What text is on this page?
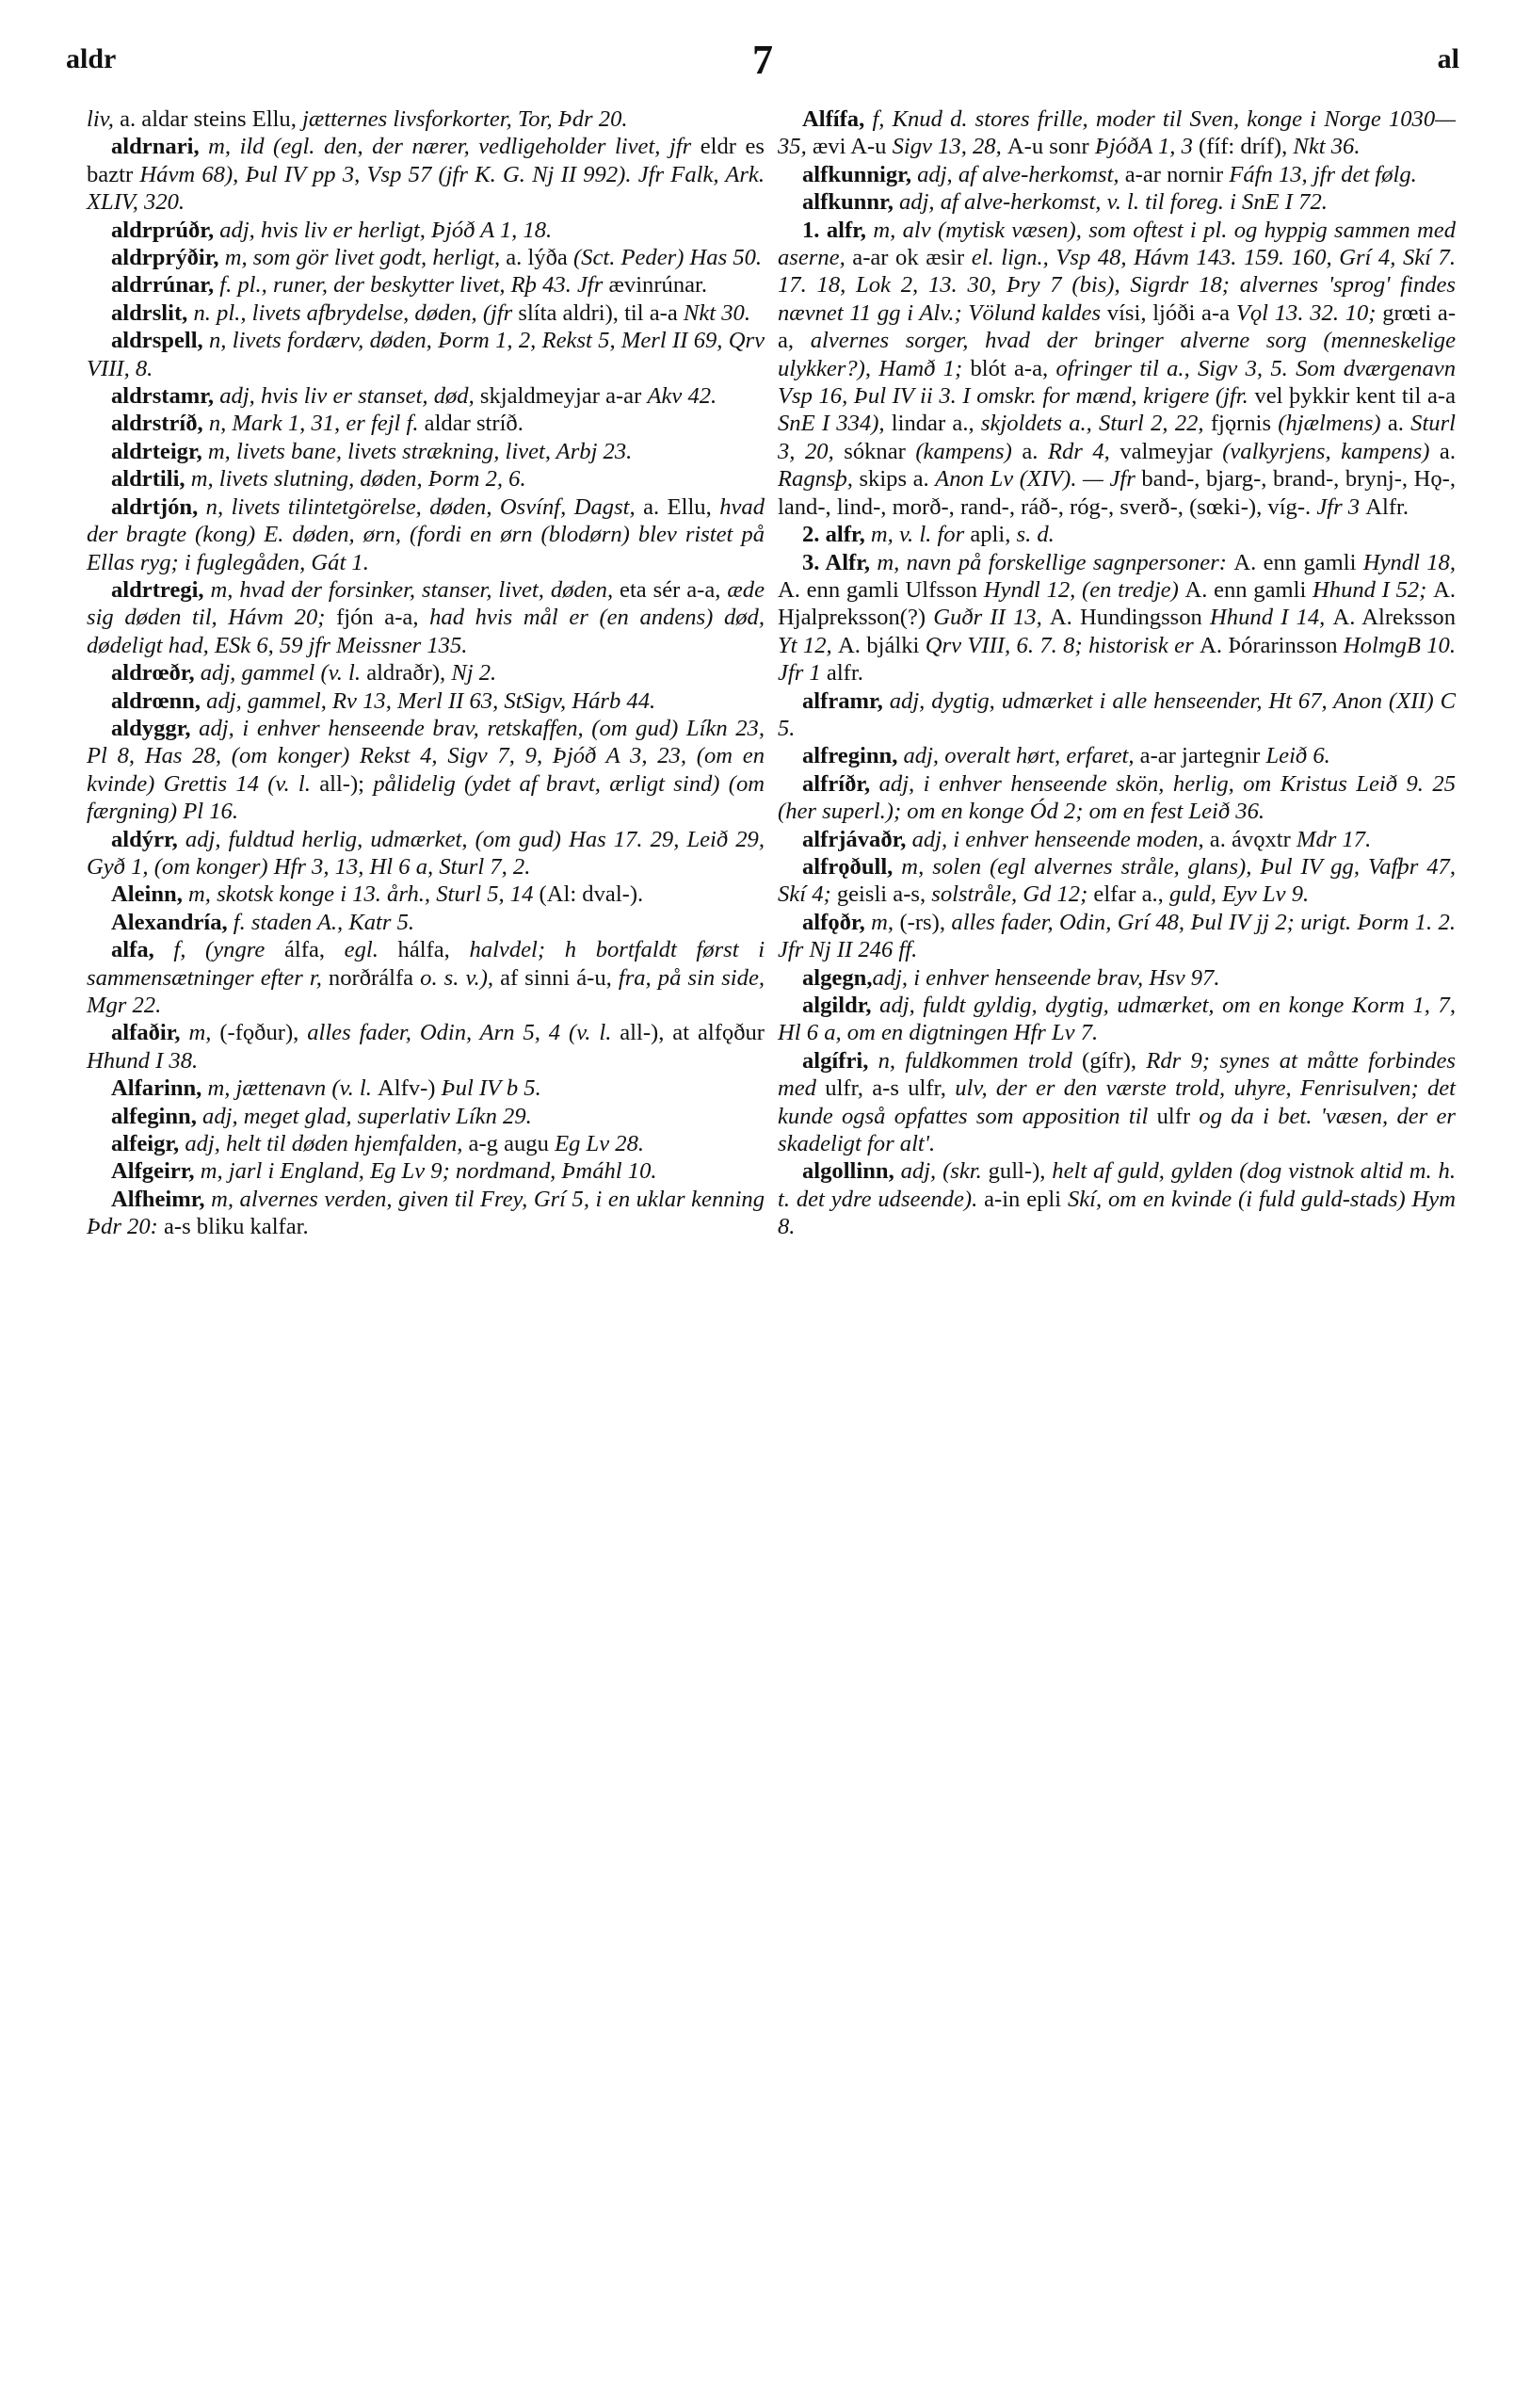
aldr	7	al

liv, a. aldar steins Ellu, jætternes livsforkorter, Tor, Þdr 20.

aldrnari, m, ild (egl. den, der nærer, vedligeholder livet, jfr eldr es baztr Hávm 68), Þul IV pp 3, Vsp 57 (jfr K. G. Nj II 992). Jfr Falk, Ark. XLIV, 320.

aldrprúðr, adj, hvis liv er herligt, Þjóð A 1, 18.

aldrprýðir, m, som gör livet godt, herligt, a. lýða (Sct. Peder) Has 50.

aldrrúnar, f. pl., runer, der beskytter livet, Rþ 43. Jfr ævinrúnar.

aldrslit, n. pl., livets afbrydelse, døden, (jfr slíta aldri), til a-a Nkt 30.

aldrspell, n, livets fordærv, døden, Þorm 1, 2, Rekst 5, Merl II 69, Qrv VIII, 8.

aldrstamr, adj, hvis liv er stanset, død, skjaldmeyjar a-ar Akv 42.

aldrstríð, n, Mark 1, 31, er fejl f. aldar stríð.

aldrteigr, m, livets bane, livets strækning, livet, Arbj 23.

aldrtili, m, livets slutning, døden, Þorm 2, 6.

aldrtjón, n, livets tilintetgörelse, døden, Osvínf, Dagst, a. Ellu, hvad der bragte (kong) E. døden, ørn, (fordi en ørn (blodørn) blev ristet på Ellas ryg; i fuglegåden, Gát 1.

aldrtregi, m, hvad der forsinker, stanser, livet, døden, eta sér a-a, æde sig døden til, Hávm 20; fjón a-a, had hvis mål er (en andens) død, dødeligt had, ESk 6, 59 jfr Meissner 135.

aldrœðr, adj, gammel (v. l. aldraðr), Nj 2.

aldrœnn, adj, gammel, Rv 13, Merl II 63, StSigv, Hárb 44.

aldyggr, adj, i enhver henseende brav, retskaffen, (om gud) Líkn 23, Pl 8, Has 28, (om konger) Rekst 4, Sigv 7, 9, Þjóð A 3, 23, (om en kvinde) Grettis 14 (v. l. all-); pålidelig (ydet af bravt, ærligt sind) (om færgning) Pl 16.

aldýrr, adj, fuldtud herlig, udmærket, (om gud) Has 17. 29, Leið 29, Gyð 1, (om konger) Hfr 3, 13, Hl 6 a, Sturl 7, 2.

Aleinn, m, skotsk konge i 13. årh., Sturl 5, 14 (Al: dval-).

Alexandría, f. staden A., Katr 5.

alfa, f, (yngre álfa, egl. hálfa, halvdel; h bortfaldt først i sammensætninger efter r, norðrálfa o. s. v.), af sinni á-u, fra, på sin side, Mgr 22.

alfaðir, m, (-fǫður), alles fader, Odin, Arn 5, 4 (v. l. all-), at alfǫður Hhund I 38.

Alfarinn, m, jættenavn (v. l. Alfv-) Þul IV b 5.

alfeginn, adj, meget glad, superlativ Líkn 29.

alfeigr, adj, helt til døden hjemfalden, a-g augu Eg Lv 28.

Alfgeirr, m, jarl i England, Eg Lv 9; nordmand, Þmáhl 10.

Alfheimr, m, alvernes verden, given til Frey, Grí 5, i en uklar kenning Þdr 20: a-s bliku kalfar.

Alfífa, f, Knud d. stores frille, moder til Sven, konge i Norge 1030—35, ævi A-u Sigv 13, 28, A-u sonr ÞjóðA 1, 3 (fíf: dríf), Nkt 36.

alfkunnigr, adj, af alve-herkomst, a-ar nornir Fáfn 13, jfr det følg.

alfkunnr, adj, af alve-herkomst, v. l. til foreg. i SnE I 72.

1. alfr, m, alv (mytisk væsen), som oftest i pl. og hyppig sammen med aserne, a-ar ok æsir el. lign., Vsp 48, Hávm 143. 159. 160, Grí 4, Skí 7. 17. 18, Lok 2, 13. 30, Þry 7 (bis), Sigrdr 18; alvernes 'sprog' findes nævnet 11 gg i Alv.; Völund kaldes vísi, ljóði a-a Vǫl 13. 32. 10; grœti a-a, alvernes sorger, hvad der bringer alverne sorg (menneskelige ulykker?), Hamð 1; blót a-a, ofringer til a., Sigv 3, 5. Som dværgenavn Vsp 16, Þul IV ii 3. I omskr. for mænd, krigere (jfr. vel þykkir kent til a-a SnE I 334), lindar a., skjoldets a., Sturl 2, 22, fjǫrnis (hjælmens) a. Sturl 3, 20, sóknar (kampens) a. Rdr 4, valmeyjar (valkyrjens, kampens) a. Ragnsþ, skips a. Anon Lv (XIV). — Jfr band-, bjarg-, brand-, brynj-, Hǫ-, land-, lind-, morð-, rand-, ráð-, róg-, sverð-, (sœki-), víg-. Jfr 3 Alfr.

2. alfr, m, v. l. for apli, s. d.

3. Alfr, m, navn på forskellige sagnpersoner: A. enn gamli Hyndl 18, A. enn gamli Ulfsson Hyndl 12, (en tredje) A. enn gamli Hhund I 52; A. Hjalpreksson(?) Guðr II 13, A. Hundingsson Hhund I 14, A. Alreksson Yt 12, A. bjálki Qrv VIII, 6. 7. 8; historisk er A. Þórarinsson HolmgB 10. Jfr 1 alfr.

alframr, adj, dygtig, udmærket i alle henseender, Ht 67, Anon (XII) C 5.

alfreginn, adj, overalt hørt, erfaret, a-ar jartegnir Leið 6.

alfríðr, adj, i enhver henseende skön, herlig, om Kristus Leið 9. 25 (her superl.); om en konge Ód 2; om en fest Leið 36.

alfrjávaðr, adj, i enhver henseende moden, a. ávǫxtr Mdr 17.

alfrǫðull, m, solen (egl alvernes stråle, glans), Þul IV gg, Vafþr 47, Skí 4; geisli a-s, solstråle, Gd 12; elfar a., guld, Eyv Lv 9.

alfǫðr, m, (-rs), alles fader, Odin, Grí 48, Þul IV jj 2; urigt. Þorm 1. 2. Jfr Nj II 246 ff.

algegn,adj, i enhver henseende brav, Hsv 97.

algildr, adj, fuldt gyldig, dygtig, udmærket, om en konge Korm 1, 7, Hl 6 a, om en digtningen Hfr Lv 7.

algífri, n, fuldkommen trold (gífr), Rdr 9; synes at måtte forbindes med ulfr, a-s ulfr, ulv, der er den værste trold, uhyre, Fenrisulven; det kunde også opfattes som apposition til ulfr og da i bet. 'væsen, der er skadeligt for alt'.

algollinn, adj, (skr. gull-), helt af guld, gylden (dog vistnok altid m. h. t. det ydre udseende). a-in epli Skí, om en kvinde (i fuld guld-stads) Hym 8.
